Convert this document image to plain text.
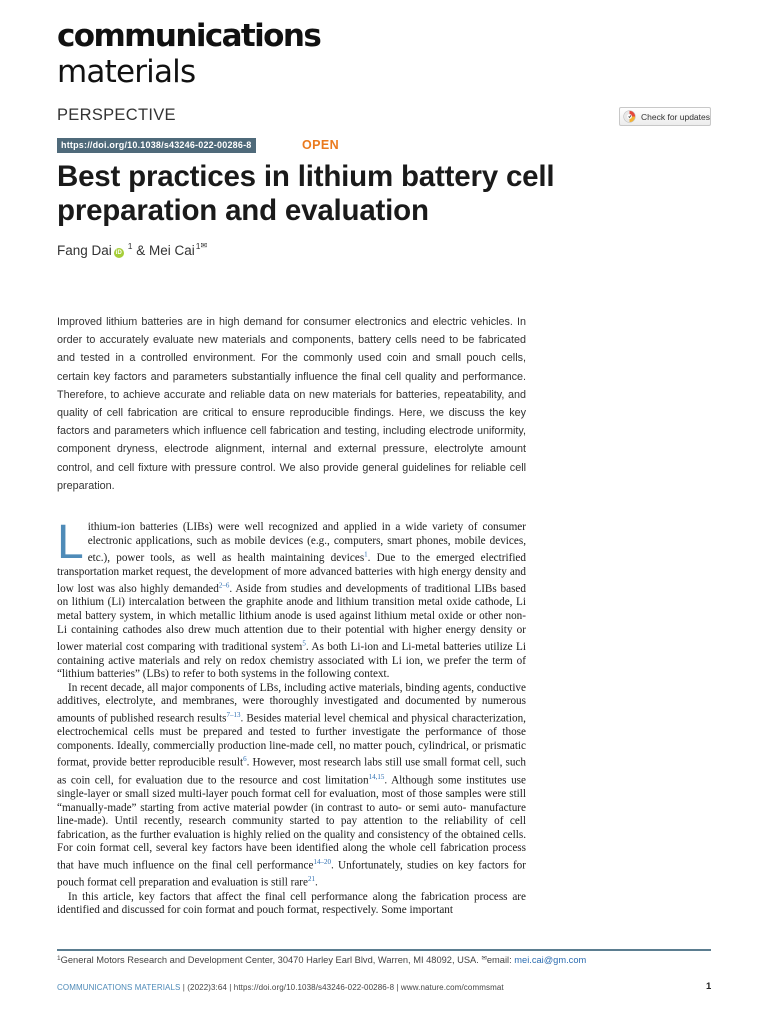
communications
materials
PERSPECTIVE	Check for updates
https://doi.org/10.1038/s43246-022-00286-8	OPEN
Best practices in lithium battery cell preparation and evaluation
Fang Dai iD
1 & Mei Cai 1 ✉

Improved lithium batteries are in high demand for consumer electronics and electric vehicles. In order to accurately evaluate new materials and components, battery cells need to be fabricated and tested in a controlled environment. For the commonly used coin and small pouch cells, certain key factors and parameters substantially influence the final cell quality and performance. Therefore, to achieve accurate and reliable data on new materials for batteries, repeatability, and quality of cell fabrication are critical to ensure reproducible findings. Here, we discuss the key factors and parameters which influence cell fabrication and testing, including electrode uniformity, component dryness, electrode alignment, internal and external pressure, electrolyte amount control, and cell fixture with pressure control. We also provide general guidelines for reliable cell preparation.

Lithium-ion batteries (LIBs) were well recognized and applied in a wide variety of consumer electronic applications, such as mobile devices (e.g., computers, smart phones, mobile devices, etc.), power tools, as well as health maintaining devices$^1$. Due to the emerged electrified transportation market request, the development of more advanced batteries with high energy density and low lost was also highly demanded$^{2-6}$. Aside from studies and developments of traditional LIBs based on lithium (Li) intercalation between the graphite anode and lithium transition metal oxide cathode, Li metal battery system, in which metallic lithium anode is used against lithium metal oxide or other non-Li containing cathodes also drew much attention due to their potential with higher energy density or lower material cost comparing with traditional system$^5$. As both Li-ion and Li-metal batteries utilize Li containing active materials and rely on redox chemistry associated with Li ion, we prefer the term of “lithium batteries” (LBs) to refer to both systems in the following context.

In recent decade, all major components of LBs, including active materials, binding agents, conductive additives, electrolyte, and membranes, were thoroughly investigated and documented by numerous amounts of published research results$^{7-13}$. Besides material level chemical and physical characterization, electrochemical cells must be prepared and tested to further investigate the performance of those components. Ideally, commercially production line-made cell, no matter pouch, cylindrical, or prismatic format, provide better reproducible result$^6$. However, most research labs still use small format cell, such as coin cell, for evaluation due to the resource and cost limitation$^{14,15}$. Although some institutes use single-layer or small sized multi-layer pouch format cell for evaluation, most of those samples were still “manually-made” starting from active material powder (in contrast to auto- or semi auto- manufacture line-made). Until recently, research community started to pay attention to the reliability of cell fabrication, as the further evaluation is highly relied on the quality and consistency of the obtained cells. For coin format cell, several key factors have been identified along the whole cell fabrication process that have much influence on the final cell performance$^{14-20}$. Unfortunately, studies on key factors for pouch format cell preparation and evaluation is still rare$^{21}$.

In this article, key factors that affect the final cell performance along the fabrication process are identified and discussed for coin format and pouch format, respectively. Some important

$^1$General Motors Research and Development Center, 30470 Harley Earl Blvd, Warren, MI 48092, USA. ✉email: mei.cai@gm.com
COMMUNICATIONS MATERIALS | (2022)3:64 | https://doi.org/10.1038/s43246-022-00286-8 | www.nature.com/commsmat	1
